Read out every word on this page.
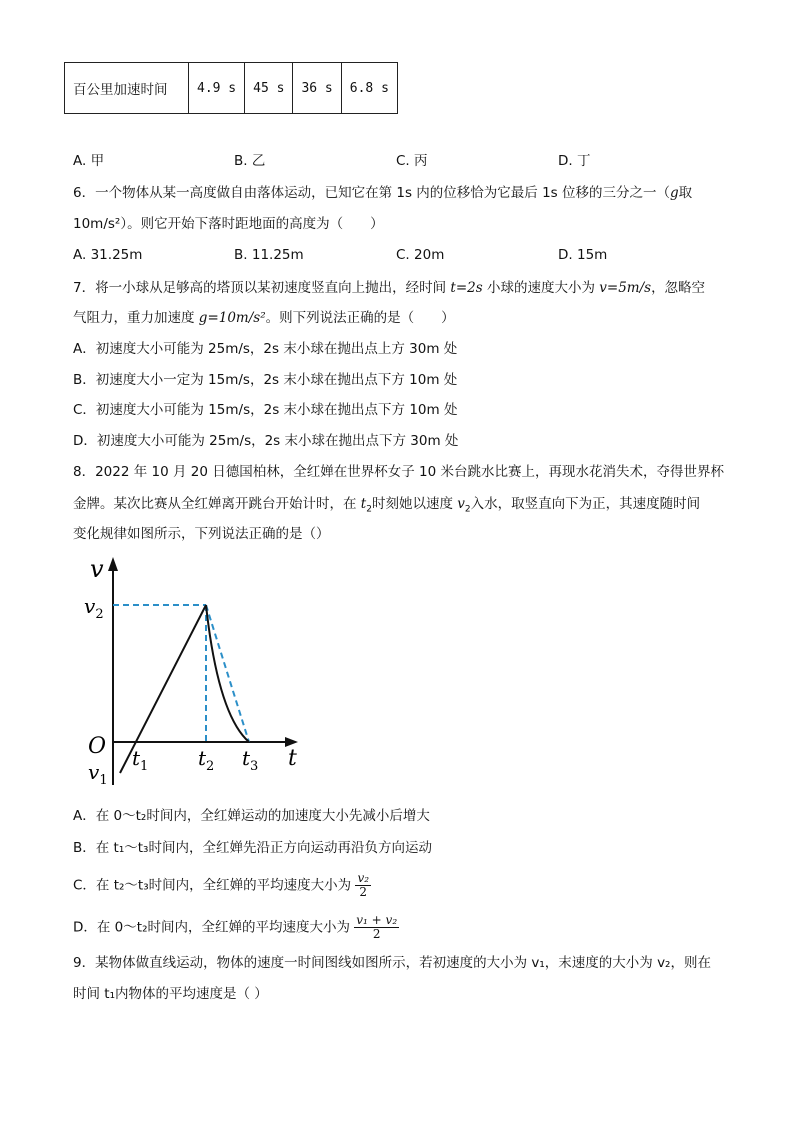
百公里加速时间	4.9 s	45 s	36 s	6.8 s
A. 甲	B. 乙	C. 丙	D. 丁
6．一个物体从某一高度做自由落体运动，已知它在第 1s 内的位移恰为它最后 1s 位移的三分之一（g取
10m/s²）。则它开始下落时距地面的高度为（　　）
A. 31.25m	B. 11.25m	C. 20m	D. 15m
7．将一小球从足够高的塔顶以某初速度竖直向上抛出，经时间 t=2s 小球的速度大小为 v=5m/s，忽略空
气阻力，重力加速度 g=10m/s²。则下列说法正确的是（　　）
A．初速度大小可能为 25m/s，2s 末小球在抛出点上方 30m 处
B．初速度大小一定为 15m/s，2s 末小球在抛出点下方 10m 处
C．初速度大小可能为 15m/s，2s 末小球在抛出点下方 10m 处
D．初速度大小可能为 25m/s，2s 末小球在抛出点下方 30m 处
8．2022 年 10 月 20 日德国柏林，全红婵在世界杯女子 10 米台跳水比赛上，再现水花消失术，夺得世界杯
金牌。某次比赛从全红婵离开跳台开始计时，在 $t_2$时刻她以速度 $v_2$入水，取竖直向下为正，其速度随时间
变化规律如图所示，下列说法正确的是（）
v
$v_2$
O
$v_1$
$t_1$ $t_2$ $t_3$ t
A．在 0～t₂时间内，全红婵运动的加速度大小先减小后增大
B．在 t₁～t₃时间内，全红婵先沿正方向运动再沿负方向运动
C．在 t₂～t₃时间内，全红婵的平均速度大小为 $\frac{\text{v₂}}{2}$
D．在 0～t₂时间内，全红婵的平均速度大小为 $\frac{\text{v₁ + v₂}}{2}$
9．某物体做直线运动，物体的速度一时间图线如图所示，若初速度的大小为 v₁，末速度的大小为 v₂，则在
时间 t₁内物体的平均速度是（ ）
